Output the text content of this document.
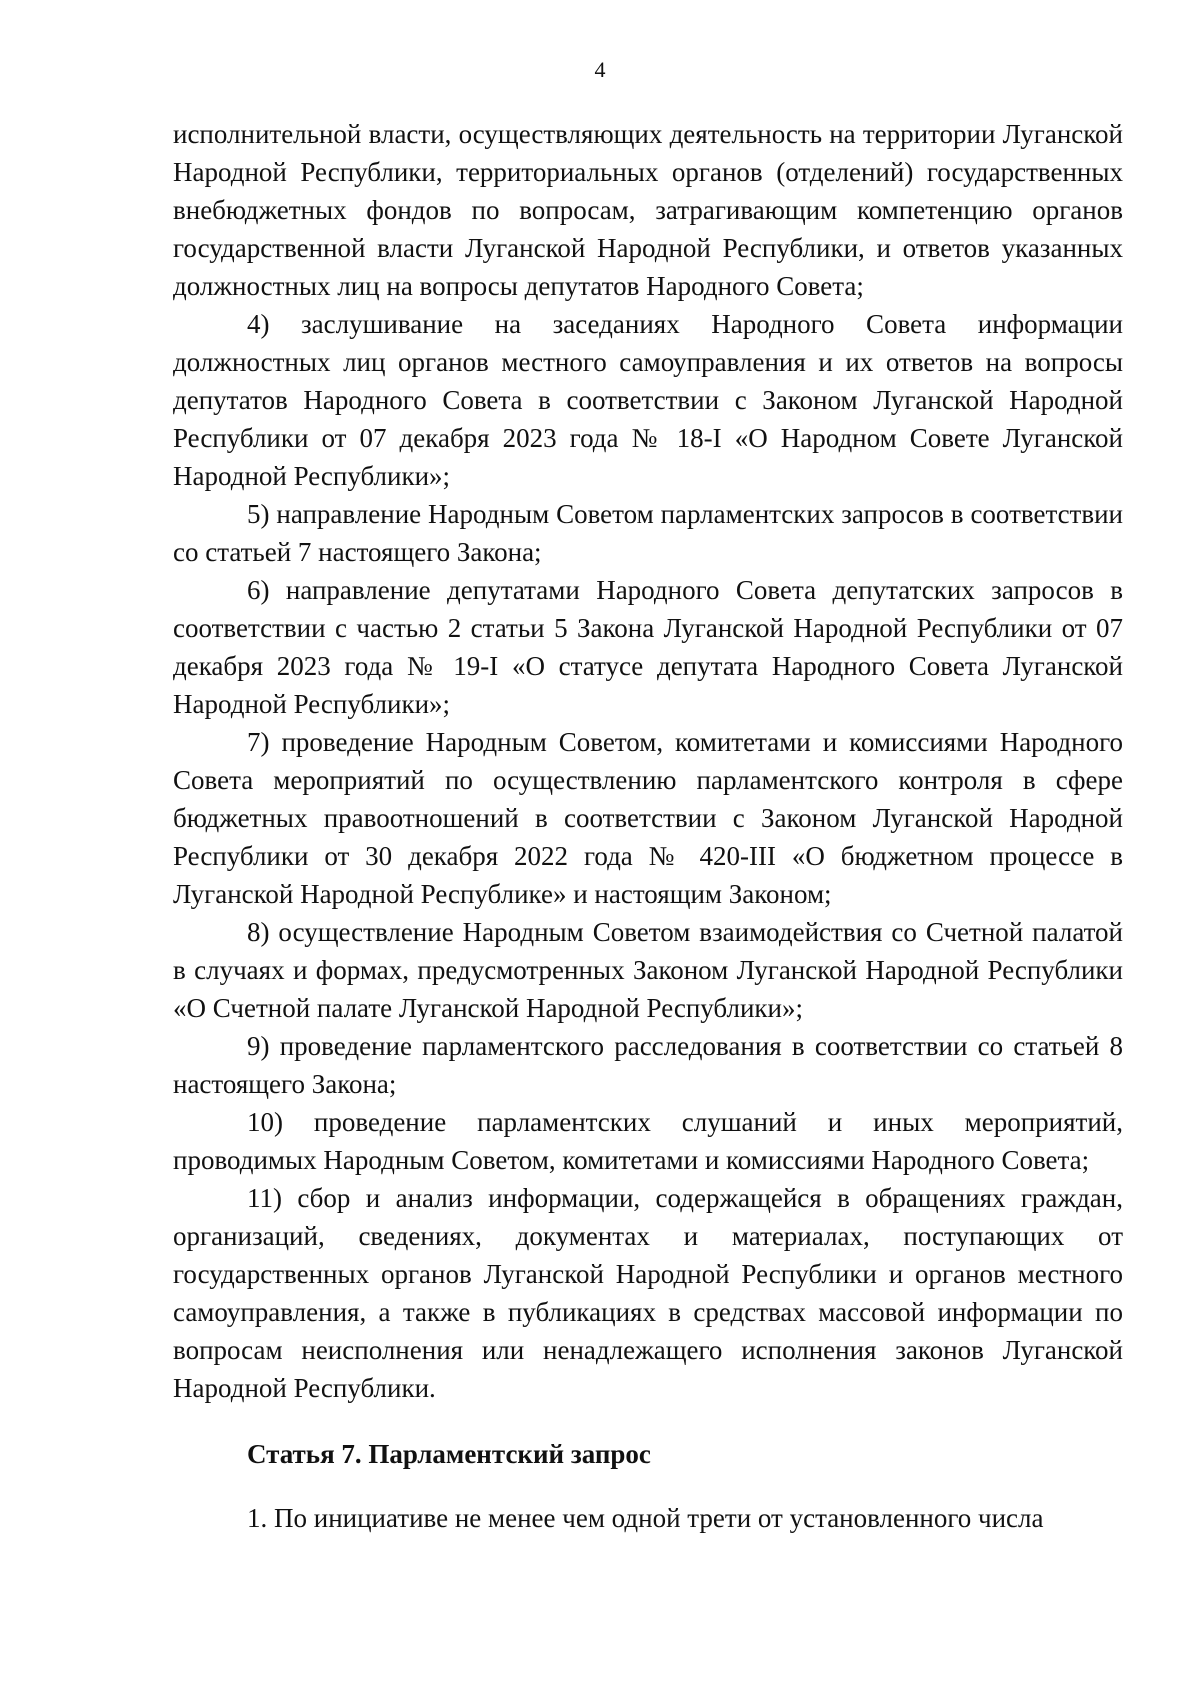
4

исполнительной власти, осуществляющих деятельность на территории Луганской Народной Республики, территориальных органов (отделений) государственных внебюджетных фондов по вопросам, затрагивающим компетенцию органов государственной власти Луганской Народной Республики, и ответов указанных должностных лиц на вопросы депутатов Народного Совета;

4) заслушивание на заседаниях Народного Совета информации должностных лиц органов местного самоуправления и их ответов на вопросы депутатов Народного Совета в соответствии с Законом Луганской Народной Республики от 07 декабря 2023 года № 18-I «О Народном Совете Луганской Народной Республики»;

5) направление Народным Советом парламентских запросов в соответствии со статьей 7 настоящего Закона;

6) направление депутатами Народного Совета депутатских запросов в соответствии с частью 2 статьи 5 Закона Луганской Народной Республики от 07 декабря 2023 года № 19-I «О статусе депутата Народного Совета Луганской Народной Республики»;

7) проведение Народным Советом, комитетами и комиссиями Народного Совета мероприятий по осуществлению парламентского контроля в сфере бюджетных правоотношений в соответствии с Законом Луганской Народной Республики от 30 декабря 2022 года № 420-III «О бюджетном процессе в Луганской Народной Республике» и настоящим Законом;

8) осуществление Народным Советом взаимодействия со Счетной палатой в случаях и формах, предусмотренных Законом Луганской Народной Республики «О Счетной палате Луганской Народной Республики»;

9) проведение парламентского расследования в соответствии со статьей 8 настоящего Закона;

10) проведение парламентских слушаний и иных мероприятий, проводимых Народным Советом, комитетами и комиссиями Народного Совета;

11) сбор и анализ информации, содержащейся в обращениях граждан, организаций, сведениях, документах и материалах, поступающих от государственных органов Луганской Народной Республики и органов местного самоуправления, а также в публикациях в средствах массовой информации по вопросам неисполнения или ненадлежащего исполнения законов Луганской Народной Республики.

Статья 7. Парламентский запрос

1. По инициативе не менее чем одной трети от установленного числа
